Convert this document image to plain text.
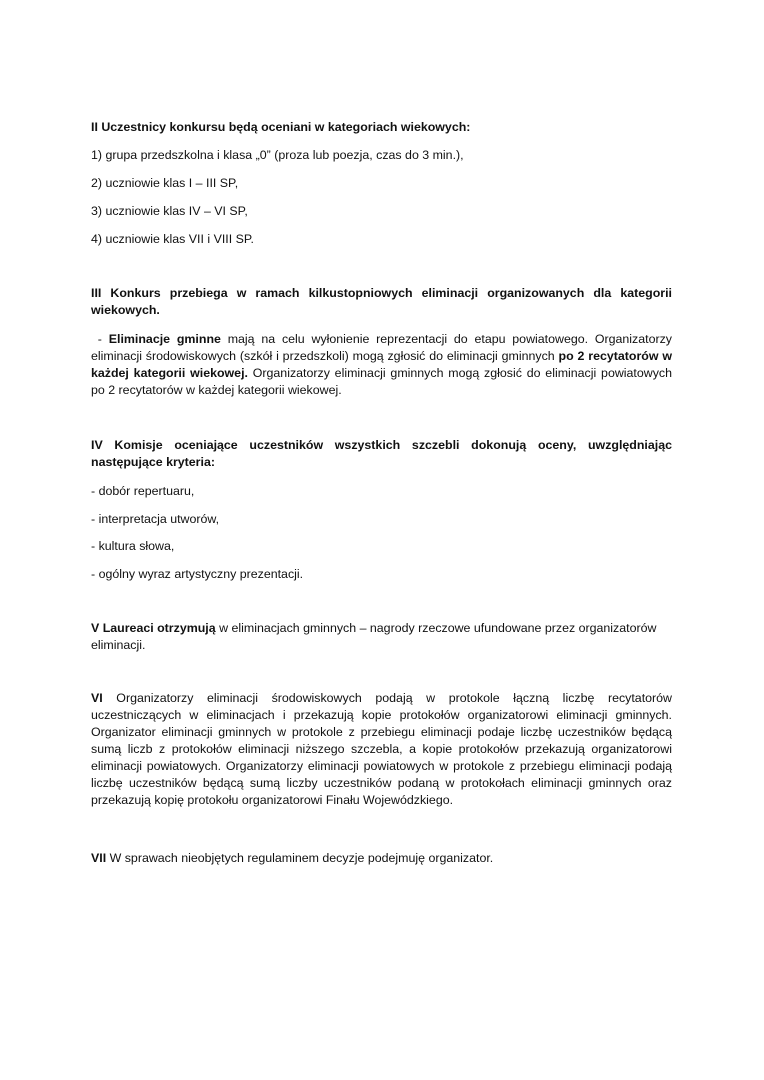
II Uczestnicy konkursu będą oceniani w kategoriach wiekowych:

1) grupa przedszkolna i klasa „0” (proza lub poezja, czas do 3 min.),

2) uczniowie klas I – III SP,

3) uczniowie klas IV – VI SP,

4) uczniowie klas VII i VIII SP.

III Konkurs przebiega w ramach kilkustopniowych eliminacji organizowanych dla kategorii wiekowych.

- Eliminacje gminne mają na celu wyłonienie reprezentacji do etapu powiatowego. Organizatorzy eliminacji środowiskowych (szkół i przedszkoli) mogą zgłosić do eliminacji gminnych po 2 recytatorów w każdej kategorii wiekowej. Organizatorzy eliminacji gminnych mogą zgłosić do eliminacji powiatowych po 2 recytatorów w każdej kategorii wiekowej.

IV Komisje oceniające uczestników wszystkich szczebli dokonują oceny, uwzględniając następujące kryteria:

- dobór repertuaru,

- interpretacja utworów,

- kultura słowa,

- ogólny wyraz artystyczny prezentacji.

V Laureaci otrzymują w eliminacjach gminnych – nagrody rzeczowe ufundowane przez organizatorów eliminacji.

VI Organizatorzy eliminacji środowiskowych podają w protokole łączną liczbę recytatorów uczestniczących w eliminacjach i przekazują kopie protokołów organizatorowi eliminacji gminnych. Organizator eliminacji gminnych w protokole z przebiegu eliminacji podaje liczbę uczestników będącą sumą liczb z protokołów eliminacji niższego szczebla, a kopie protokołów przekazują organizatorowi eliminacji powiatowych. Organizatorzy eliminacji powiatowych w protokole z przebiegu eliminacji podają liczbę uczestników będącą sumą liczby uczestników podaną w protokołach eliminacji gminnych oraz przekazują kopię protokołu organizatorowi Finału Wojewódzkiego.

VII W sprawach nieobjętych regulaminem decyzje podejmuję organizator.
